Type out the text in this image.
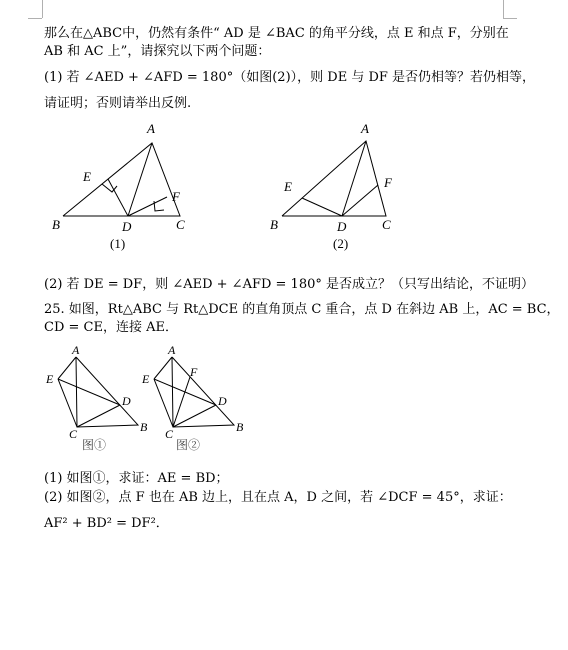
那么在△ABC中，仍然有条件“ AD 是 ∠BAC 的角平分线，点 E 和点 F，分别在
AB 和 AC 上”，请探究以下两个问题：
(1) 若 ∠AED + ∠AFD = 180°（如图(2)），则 DE 与 DF 是否仍相等？若仍相等，
请证明；否则请举出反例.
A
E
F
B	D	C
(1)
A
E	F
B	D	C
(2)
(2) 若 DE = DF，则 ∠AED + ∠AFD = 180° 是否成立？（只写出结论，不证明）
25. 如图，Rt△ABC 与 Rt△DCE 的直角顶点 C 重合，点 D 在斜边 AB 上，AC = BC，
CD = CE，连接 AE．
A
E
D
B
C
图①
A
F
E
D
B
C
图②
(1) 如图①，求证：AE = BD；
(2) 如图②，点 F 也在 AB 边上，且在点 A，D 之间，若 ∠DCF = 45°，求证：
AF² + BD² = DF²．
